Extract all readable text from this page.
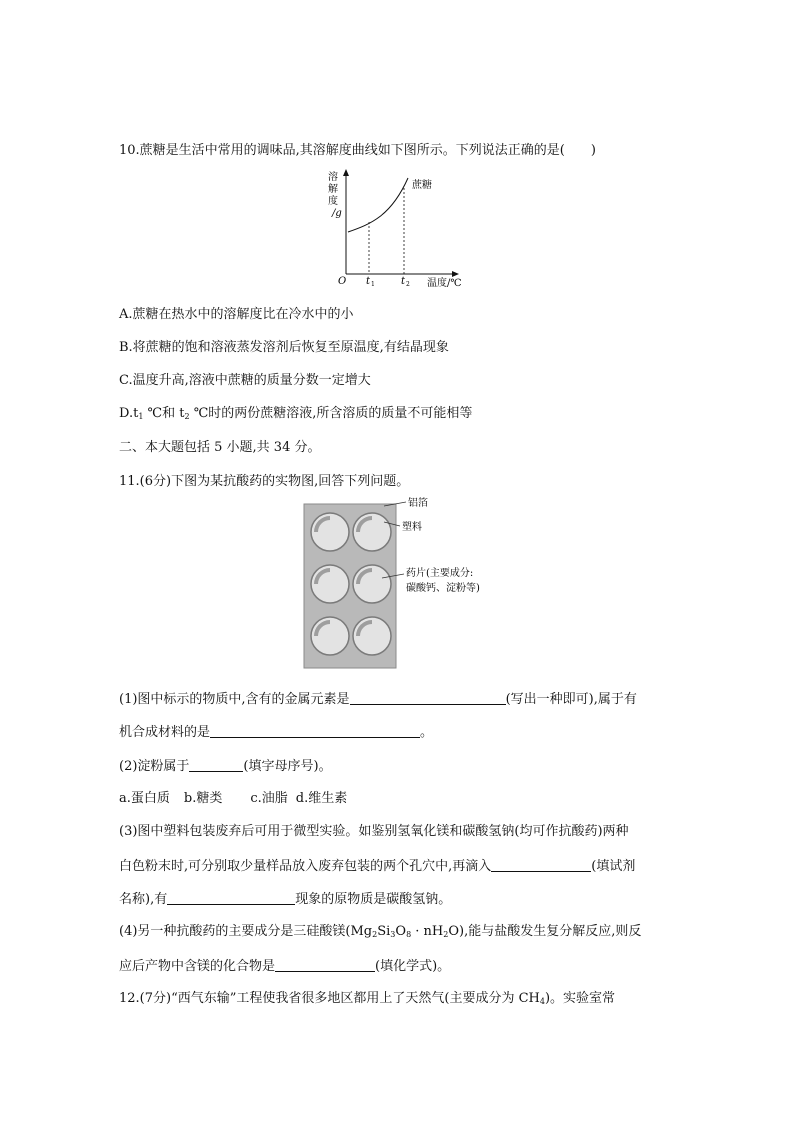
10.蔗糖是生活中常用的调味品,其溶解度曲线如下图所示。下列说法正确的是(　　)
溶
解
度
/g
蔗糖
O t 1	t 2 温度/℃
A.蔗糖在热水中的溶解度比在冷水中的小
B.将蔗糖的饱和溶液蒸发溶剂后恢复至原温度,有结晶现象
C.温度升高,溶液中蔗糖的质量分数一定增大
$D.t_1$ ℃和 $t_2$ ℃时的两份蔗糖溶液,所含溶质的质量不可能相等
二、本大题包括 5 小题,共 34 分。
11.(6分)下图为某抗酸药的实物图,回答下列问题。
铝箔
塑料
药片(主要成分:
碳酸钙、淀粉等)
(1)图中标示的物质中,含有的金属元素是	(写出一种即可),属于有
机合成材料的是	。
(2)淀粉属于	(填字母序号)。
a.蛋白质 b.糖类 c.油脂 d.维生素
(3)图中塑料包装废弃后可用于微型实验。如鉴别氢氧化镁和碳酸氢钠(均可作抗酸药)两种
白色粉末时,可分别取少量样品放入废弃包装的两个孔穴中,再滴入	(填试剂
名称),有	现象的原物质是碳酸氢钠。
(4)另一种抗酸药的主要成分是三硅酸镁$(Mg_2Si_3O_8 \cdot nH_2O)$,能与盐酸发生复分解反应,则反
应后产物中含镁的化合物是	(填化学式)。
12.(7分)“西气东输”工程使我省很多地区都用上了天然气(主要成分为 $CH_4$)。实验室常
